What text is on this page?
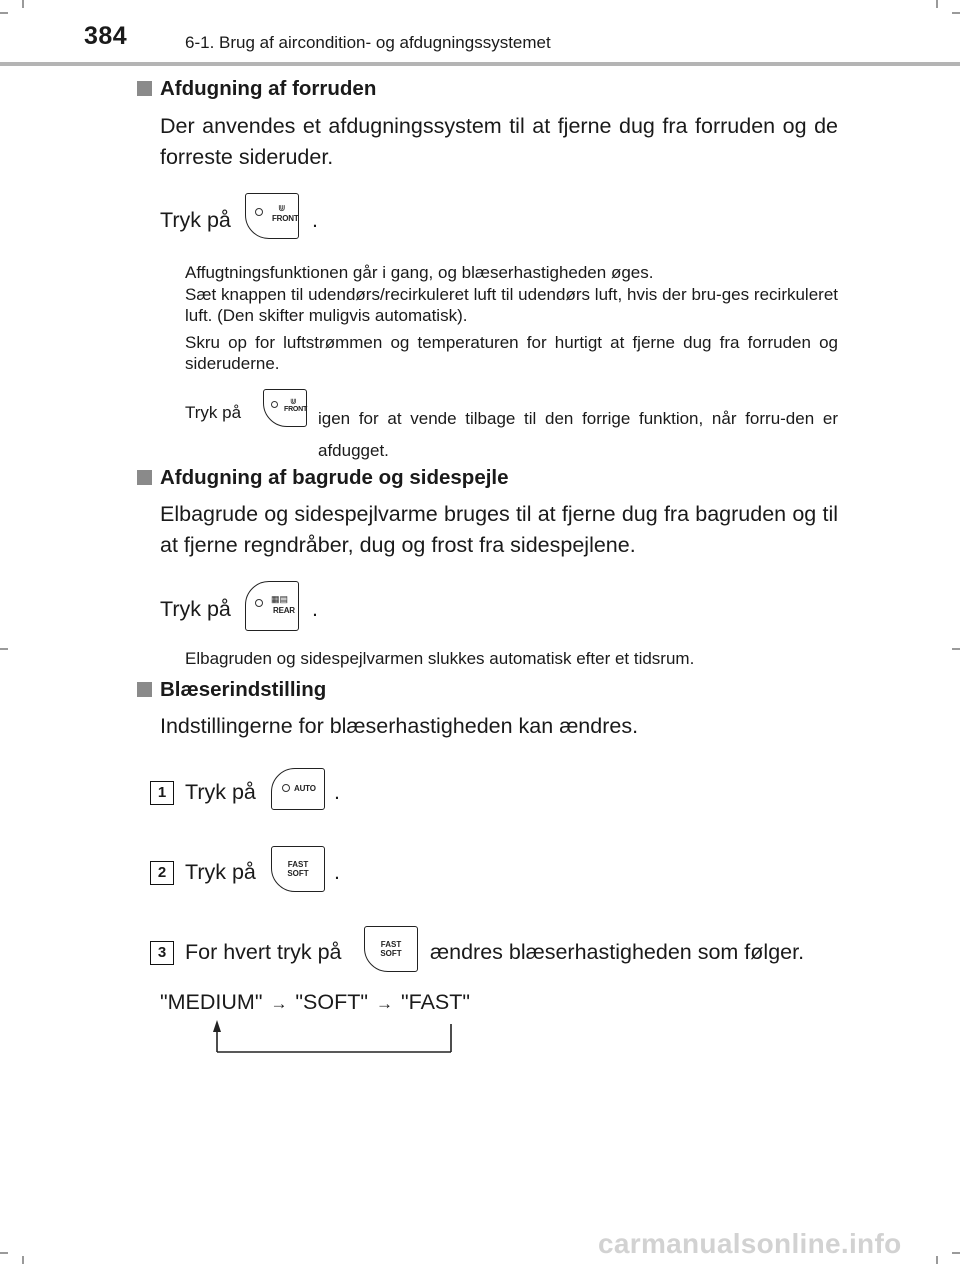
384	6-1. Brug af aircondition- og afdugningssystemet
Afdugning af forruden
Der anvendes et afdugningssystem til at fjerne dug fra forruden og de forreste sideruder.
Tryk på	⋓
FRONT .
Affugtningsfunktionen går i gang, og blæserhastigheden øges.
Sæt knappen til udendørs/recirkuleret luft til udendørs luft, hvis der bru-ges recirkuleret luft. (Den skifter muligvis automatisk).
Skru op for luftstrømmen og temperaturen for hurtigt at fjerne dug fra forruden og sideruderne.
Tryk på
⋓
FRONT igen for at vende tilbage til den forrige funktion, når forru-den er afdugget.
Afdugning af bagrude og sidespejle
Elbagrude og sidespejlvarme bruges til at fjerne dug fra bagruden og til at fjerne regndråber, dug og frost fra sidespejlene.
Tryk på	▦▤
REAR .
Elbagruden og sidespejlvarmen slukkes automatisk efter et tidsrum.
Blæserindstilling
Indstillingerne for blæserhastigheden kan ændres.
1 Tryk på	AUTO .
2 Tryk på	FAST
SOFT	.
3 For hvert tryk på	FAST
SOFT	ændres blæserhastigheden som følger.
"MEDIUM" → "SOFT" → "FAST"
carmanualsonline.info
